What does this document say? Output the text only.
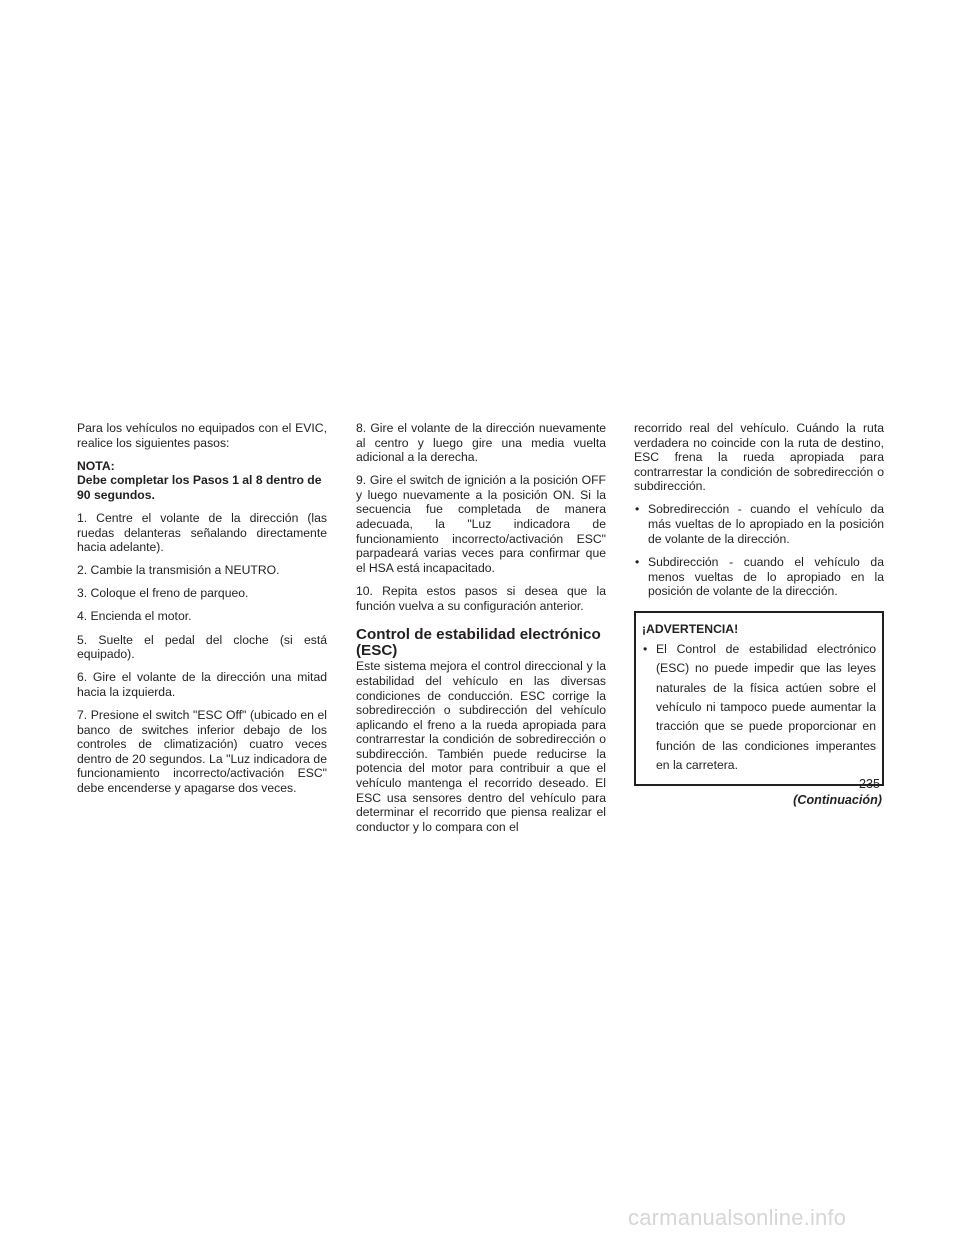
Para los vehículos no equipados con el EVIC, realice los siguientes pasos:

NOTA:

Debe completar los Pasos 1 al 8 dentro de 90 segundos.

1. Centre el volante de la dirección (las ruedas delanteras señalando directamente hacia adelante).

2. Cambie la transmisión a NEUTRO.

3. Coloque el freno de parqueo.

4. Encienda el motor.

5. Suelte el pedal del cloche (si está equipado).

6. Gire el volante de la dirección una mitad hacia la izquierda.

7. Presione el switch "ESC Off" (ubicado en el banco de switches inferior debajo de los controles de climatización) cuatro veces dentro de 20 segundos. La "Luz indicadora de funcionamiento incorrecto/activación ESC" debe encenderse y apagarse dos veces.

8. Gire el volante de la dirección nuevamente al centro y luego gire una media vuelta adicional a la derecha.

9. Gire el switch de ignición a la posición OFF y luego nuevamente a la posición ON. Si la secuencia fue completada de manera adecuada, la "Luz indicadora de funcionamiento incorrecto/activación ESC" parpadeará varias veces para confirmar que el HSA está incapacitado.

10. Repita estos pasos si desea que la función vuelva a su configuración anterior.

Control de estabilidad electrónico (ESC)

Este sistema mejora el control direccional y la estabilidad del vehículo en las diversas condiciones de conducción. ESC corrige la sobredirección o subdirección del vehículo aplicando el freno a la rueda apropiada para contrarrestar la condición de sobredirección o subdirección. También puede reducirse la potencia del motor para contribuir a que el vehículo mantenga el recorrido deseado. El ESC usa sensores dentro del vehículo para determinar el recorrido que piensa realizar el conductor y lo compara con el

recorrido real del vehículo. Cuándo la ruta verdadera no coincide con la ruta de destino, ESC frena la rueda apropiada para contrarrestar la condición de sobredirección o subdirección.

• Sobredirección - cuando el vehículo da más vueltas de lo apropiado en la posición de volante de la dirección.
• Subdirección - cuando el vehículo da menos vueltas de lo apropiado en la posición de volante de la dirección.
¡ADVERTENCIA!
• El Control de estabilidad electrónico (ESC) no puede impedir que las leyes naturales de la física actúen sobre el vehículo ni tampoco puede aumentar la tracción que se puede proporcionar en función de las condiciones imperantes en la carretera.
(Continuación)
235
carmanualsonline.info
